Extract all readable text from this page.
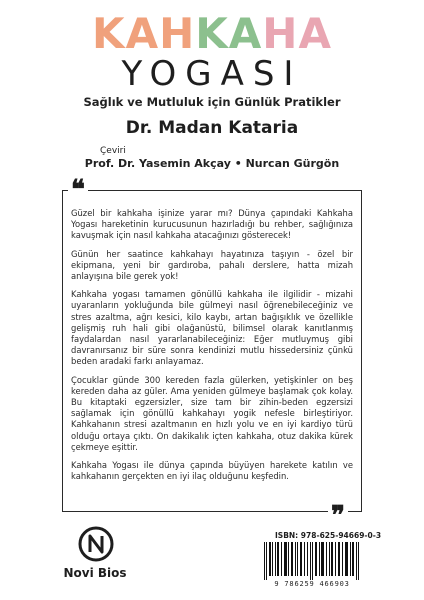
KAHKAHA
YOGASI
Sağlık ve Mutluluk için Günlük Pratikler
Dr. Madan Kataria
Çeviri
Prof. Dr. Yasemin Akçay • Nurcan Gürgön
❝
❞

Güzel bir kahkaha işinize yarar mı? Dünya çapındaki Kahkaha Yogası hareketinin kurucusunun hazırladığı bu rehber, sağlığınıza kavuşmak için nasıl kahkaha atacağınızı gösterecek!

Günün her saatince kahkahayı hayatınıza taşıyın - özel bir ekipmana, yeni bir gardıroba, pahalı derslere, hatta mizah anlayışına bile gerek yok!

Kahkaha yogası tamamen gönüllü kahkaha ile ilgilidir - mizahi uyaranların yokluğunda bile gülmeyi nasıl öğrenebileceğiniz ve stres azaltma, ağrı kesici, kilo kaybı, artan bağışıklık ve özellikle gelişmiş ruh hali gibi olağanüstü, bilimsel olarak kanıtlanmış faydalardan nasıl yararlanabileceğiniz: Eğer mutluymuş gibi davranırsanız bir süre sonra kendinizi mutlu hissedersiniz çünkü beden aradaki farkı anlayamaz.

Çocuklar günde 300 kereden fazla gülerken, yetişkinler on beş kereden daha az güler. Ama yeniden gülmeye başlamak çok kolay. Bu kitaptaki egzersizler, size tam bir zihin-beden egzersizi sağlamak için gönüllü kahkahayı yogik nefesle birleştiriyor. Kahkahanın stresi azaltmanın en hızlı yolu ve en iyi kardiyo türü olduğu ortaya çıktı. On dakikalık içten kahkaha, otuz dakika kürek çekmeye eşittir.

Kahkaha Yogası ile dünya çapında büyüyen harekete katılın ve kahkahanın gerçekten en iyi ilaç olduğunu keşfedin.

Novi Bios
ISBN: 978-625-94669-0-3
9 786259 466903
